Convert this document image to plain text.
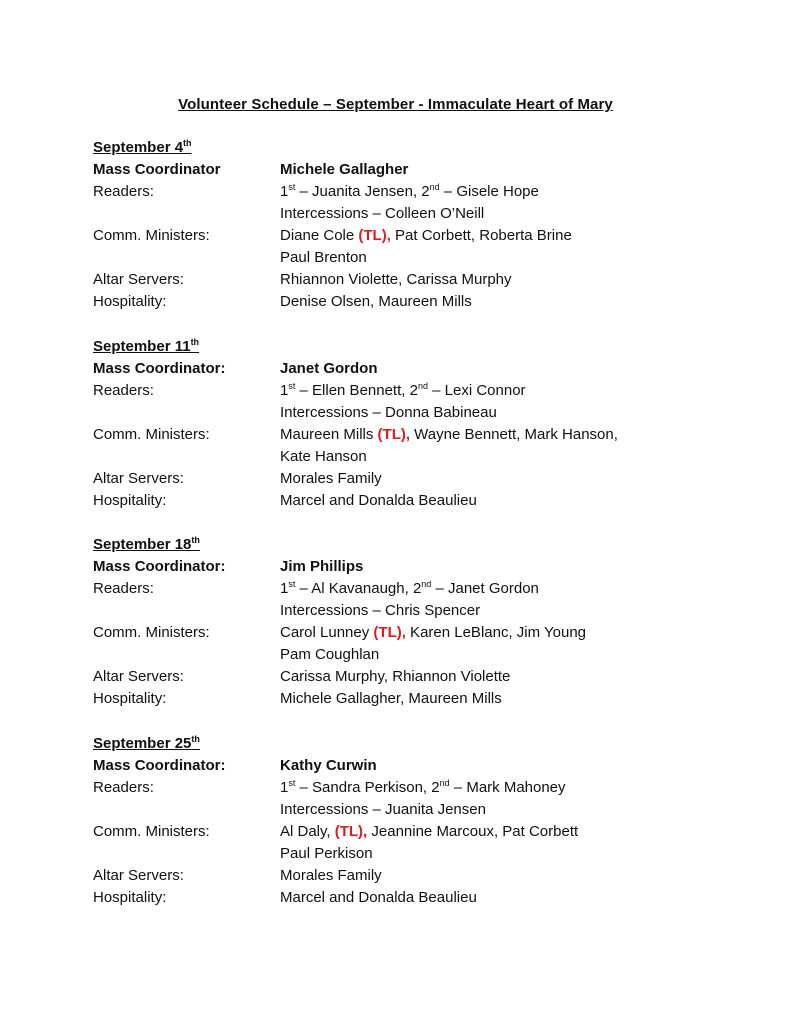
Volunteer Schedule – September - Immaculate Heart of Mary
September 4th
Mass Coordinator	Michele Gallagher
Readers:	1st – Juanita Jensen, 2nd – Gisele Hope
Intercessions – Colleen O’Neill
Comm. Ministers:	Diane Cole (TL), Pat Corbett, Roberta Brine
Paul Brenton
Altar Servers:	Rhiannon Violette, Carissa Murphy
Hospitality:	Denise Olsen, Maureen Mills
September 11th
Mass Coordinator:	Janet Gordon
Readers:	1st – Ellen Bennett, 2nd – Lexi Connor
Intercessions – Donna Babineau
Comm. Ministers:	Maureen Mills (TL), Wayne Bennett, Mark Hanson,
Kate Hanson
Altar Servers:	Morales Family
Hospitality:	Marcel and Donalda Beaulieu
September 18th
Mass Coordinator:	Jim Phillips
Readers:	1st – Al Kavanaugh, 2nd – Janet Gordon
Intercessions – Chris Spencer
Comm. Ministers:	Carol Lunney (TL), Karen LeBlanc, Jim Young
Pam Coughlan
Altar Servers:	Carissa Murphy, Rhiannon Violette
Hospitality:	Michele Gallagher, Maureen Mills
September 25th
Mass Coordinator:	Kathy Curwin
Readers:	1st – Sandra Perkison, 2nd – Mark Mahoney
Intercessions – Juanita Jensen
Comm. Ministers:	Al Daly, (TL), Jeannine Marcoux, Pat Corbett
Paul Perkison
Altar Servers:	Morales Family
Hospitality:	Marcel and Donalda Beaulieu
